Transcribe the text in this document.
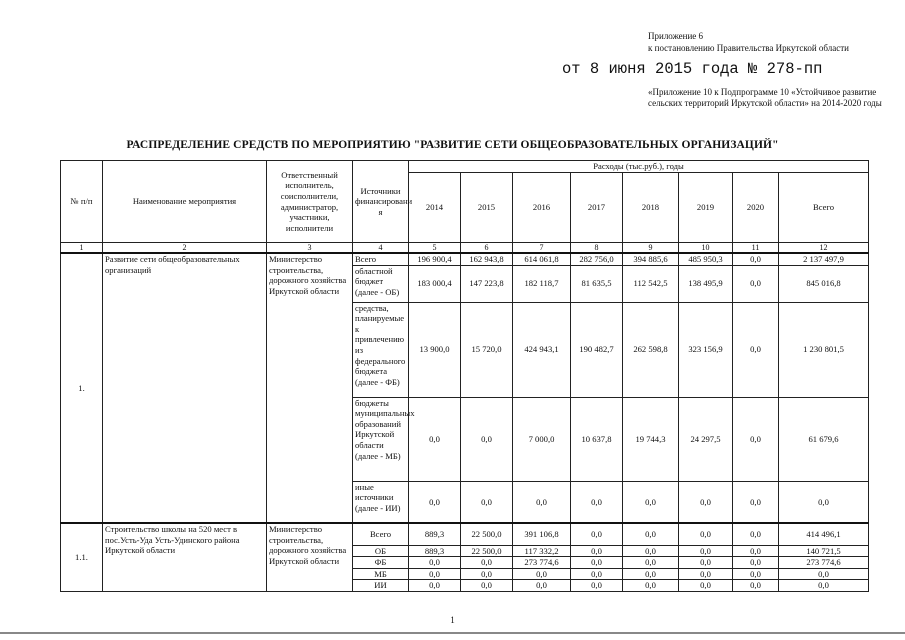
Приложение 6
к постановлению Правительства Иркутской области
от 8 июня 2015 года № 278-пп
«Приложение 10 к Подпрограмме 10 «Устойчивое развитие сельских территорий Иркутской области» на 2014-2020 годы
РАСПРЕДЕЛЕНИЕ СРЕДСТВ ПО МЕРОПРИЯТИЮ "РАЗВИТИЕ СЕТИ ОБЩЕОБРАЗОВАТЕЛЬНЫХ ОРГАНИЗАЦИЙ"
№ п/п	Наименование мероприятия	Ответственный исполнитель, соисполнители, администратор, участники, исполнители	Источники финансировани я	Расходы (тыс.руб.), годы							
				2014	2015	2016	2017	2018	2019	2020	Всего
1	2	3	4	5	6	7	8	9	10	11	12
1.	Развитие сети общеобразовательных организаций	Министерство строительства, дорожного хозяйства Иркутской области	Всего	196 900,4	162 943,8	614 061,8	282 756,0	394 885,6	485 950,3	0,0	2 137 497,9
			областной бюджет (далее - ОБ)	183 000,4	147 223,8	182 118,7	81 635,5	112 542,5	138 495,9	0,0	845 016,8
			средства, планируемые к привлечению из федерального бюджета (далее - ФБ)	13 900,0	15 720,0	424 943,1	190 482,7	262 598,8	323 156,9	0,0	1 230 801,5
			бюджеты муниципальных образований Иркутской области (далее - МБ)	0,0	0,0	7 000,0	10 637,8	19 744,3	24 297,5	0,0	61 679,6
			иные источники (далее - ИИ)	0,0	0,0	0,0	0,0	0,0	0,0	0,0	0,0
1.1.	Строительство школы на 520 мест в пос.Усть-Уда Усть-Удинского района Иркутской области	Министерство строительства, дорожного хозяйства Иркутской области	Всего	889,3	22 500,0	391 106,8	0,0	0,0	0,0	0,0	414 496,1
			ОБ	889,3	22 500,0	117 332,2	0,0	0,0	0,0	0,0	140 721,5
			ФБ	0,0	0,0	273 774,6	0,0	0,0	0,0	0,0	273 774,6
			МБ	0,0	0,0	0,0	0,0	0,0	0,0	0,0	0,0
			ИИ	0,0	0,0	0,0	0,0	0,0	0,0	0,0	0,0
1
